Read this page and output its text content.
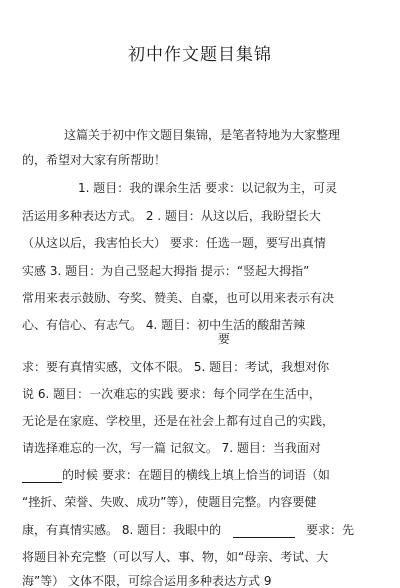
初中作文题目集锦
这篇关于初中作文题目集锦，是笔者特地为大家整理
的，希望对大家有所帮助！
1. 题目：我的课余生活 要求：以记叙为主，可灵
活运用多种表达方式。 2 . 题目：从这以后，我盼望长大
（从这以后，我害怕长大） 要求：任选一题，要写出真情
实感 3. 题目：为自己竖起大拇指 提示：“竖起大拇指”
常用来表示鼓励、夸奖、赞美、自豪，也可以用来表示有决
心、有信心、有志气。 4. 题目：初中生活的酸甜苦辣
要
求：要有真情实感，文体不限。 5. 题目：考试，我想对你
说 6. 题目：一次难忘的实践 要求：每个同学在生活中，
无论是在家庭、学校里，还是在社会上都有过自己的实践，
请选择难忘的一次，写一篇 记叙文。 7. 题目：当我面对
的时候 要求：在题目的横线上填上恰当的词语（如
“挫折、荣誉、失败、成功”等），使题目完整。内容要健
康，有真情实感。 8. 题目：我眼中的	要求：先
将题目补充完整（可以写人、事、物，如“母亲、考试、大
海”等） 文体不限，可综合运用多种表达方式 9
